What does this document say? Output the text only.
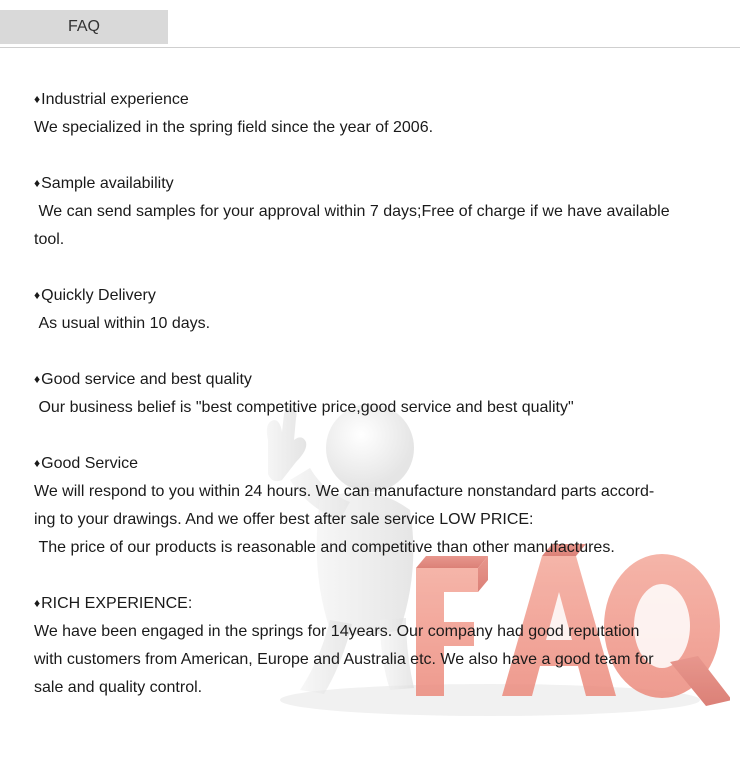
FAQ
♦Industrial experience
We specialized in the spring field since the year of 2006.
♦Sample availability
We can send samples for your approval within 7 days;Free of charge if we have available
tool.
♦Quickly Delivery
As usual within 10 days.
♦Good service and best quality
Our business belief is "best competitive price,good service and best quality"
♦Good Service
We will respond to you within 24 hours. We can manufacture nonstandard parts accord-
ing to your drawings. And we offer best after sale service LOW PRICE:
The price of our products is reasonable and competitive than other manufactures.
♦RICH EXPERIENCE:
We have been engaged in the springs for 14years. Our company had good reputation
with customers from American, Europe and Australia etc. We also have a good team for
sale and quality control.
